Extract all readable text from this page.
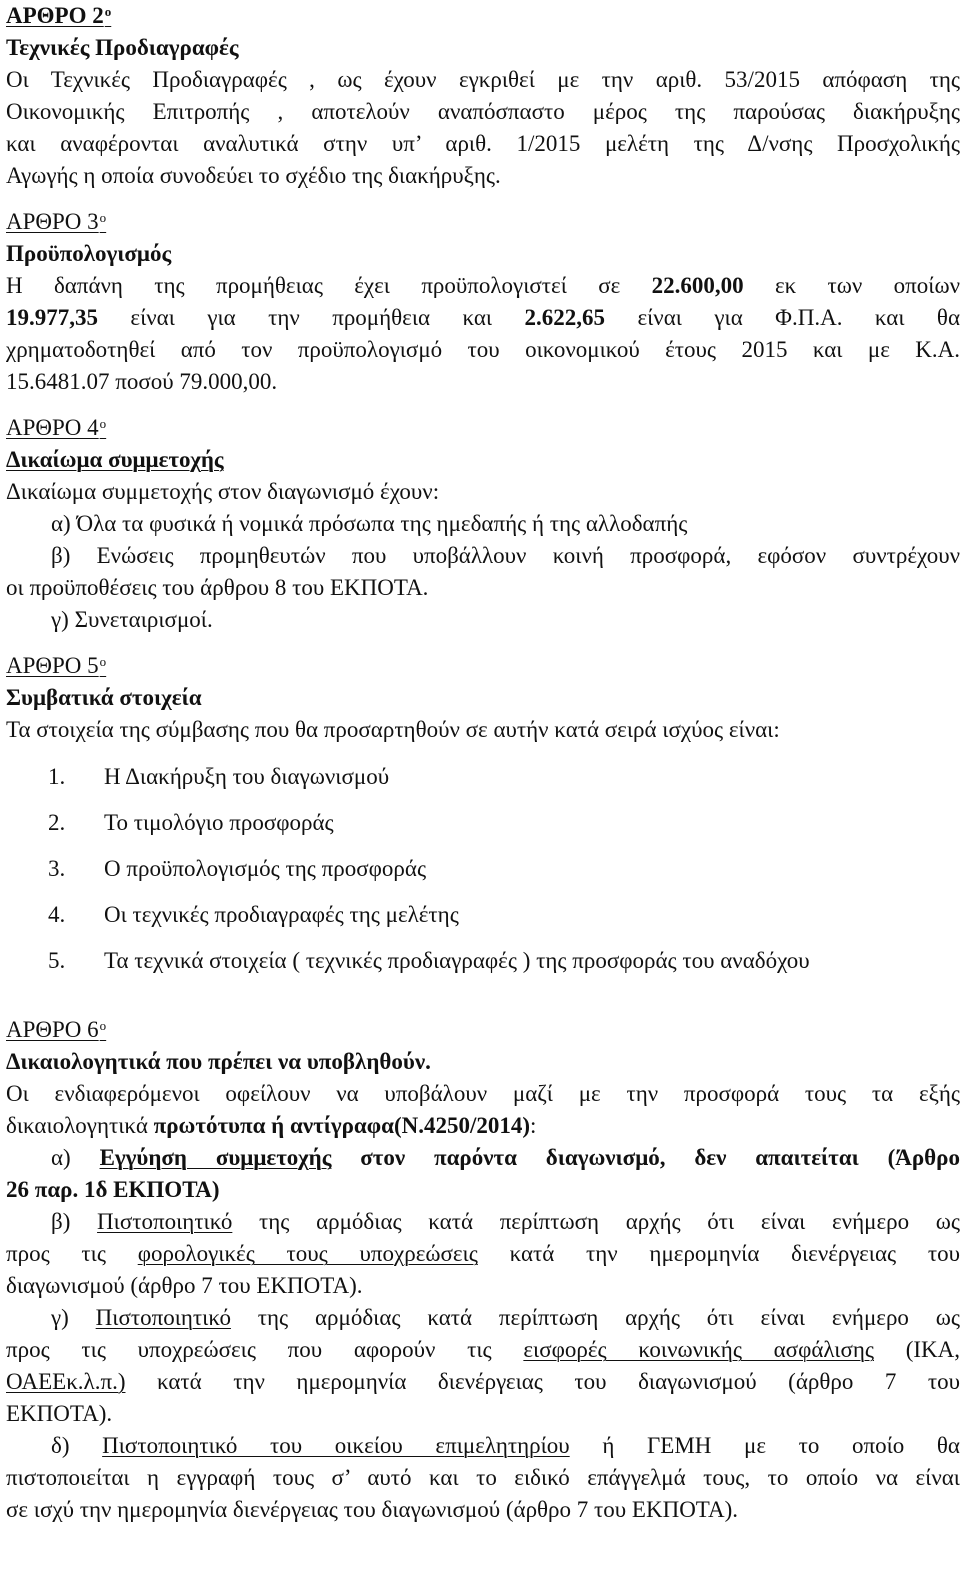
ΑΡΘΡΟ $2^o$
Τεχνικές Προδιαγραφές
Οι Τεχνικές Προδιαγραφές , ως έχουν εγκριθεί με την αριθ. 53/2015 απόφαση της
Οικονομικής Επιτροπής , αποτελούν αναπόσπαστο μέρος της παρούσας διακήρυξης
και αναφέρονται αναλυτικά στην υπ’ αριθ. 1/2015 μελέτη της Δ/νσης Προσχολικής
Αγωγής η οποία συνοδεύει το σχέδιο της διακήρυξης.
ΑΡΘΡΟ $3^o$
Προϋπολογισμός
Η δαπάνη της προμήθειας έχει προϋπολογιστεί σε 22.600,00 εκ των οποίων
19.977,35 είναι για την προμήθεια και 2.622,65 είναι για Φ.Π.Α. και θα
χρηματοδοτηθεί από τον προϋπολογισμό του οικονομικού έτους 2015 και με Κ.Α.
15.6481.07 ποσού 79.000,00.
ΑΡΘΡΟ $4^o$
Δικαίωμα συμμετοχής
Δικαίωμα συμμετοχής στον διαγωνισμό έχουν:
α) Όλα τα φυσικά ή νομικά πρόσωπα της ημεδαπής ή της αλλοδαπής
β) Ενώσεις προμηθευτών που υποβάλλουν κοινή προσφορά, εφόσον συντρέχουν
οι προϋποθέσεις του άρθρου 8 του ΕΚΠΟΤΑ.
γ) Συνεταιρισμοί.
ΑΡΘΡΟ $5^o$
Συμβατικά στοιχεία
Τα στοιχεία της σύμβασης που θα προσαρτηθούν σε αυτήν κατά σειρά ισχύος είναι:
1. Η Διακήρυξη του διαγωνισμού
2. Το τιμολόγιο προσφοράς
3. Ο προϋπολογισμός της προσφοράς
4. Οι τεχνικές προδιαγραφές της μελέτης
5. Τα τεχνικά στοιχεία ( τεχνικές προδιαγραφές ) της προσφοράς του αναδόχου
ΑΡΘΡΟ $6^o$
Δικαιολογητικά που πρέπει να υποβληθούν.
Οι ενδιαφερόμενοι οφείλουν να υποβάλουν μαζί με την προσφορά τους τα εξής
δικαιολογητικά πρωτότυπα ή αντίγραφα(Ν.4250/2014):
α) Εγγύηση συμμετοχής στον παρόντα διαγωνισμό, δεν απαιτείται (Άρθρο
26 παρ. 1δ ΕΚΠΟΤΑ)
β) Πιστοποιητικό της αρμόδιας κατά περίπτωση αρχής ότι είναι ενήμερο ως
προς τις φορολογικές τους υποχρεώσεις κατά την ημερομηνία διενέργειας του
διαγωνισμού (άρθρο 7 του ΕΚΠΟΤΑ).
γ) Πιστοποιητικό της αρμόδιας κατά περίπτωση αρχής ότι είναι ενήμερο ως
προς τις υποχρεώσεις που αφορούν τις εισφορές κοινωνικής ασφάλισης (ΙΚΑ,
ΟΑΕΕκ.λ.π.) κατά την ημερομηνία διενέργειας του διαγωνισμού (άρθρο 7 του
ΕΚΠΟΤΑ).
δ) Πιστοποιητικό του οικείου επιμελητηρίου ή ΓΕΜΗ με το οποίο θα
πιστοποιείται η εγγραφή τους σ’ αυτό και το ειδικό επάγγελμά τους, το οποίο να είναι
σε ισχύ την ημερομηνία διενέργειας του διαγωνισμού (άρθρο 7 του ΕΚΠΟΤΑ).
